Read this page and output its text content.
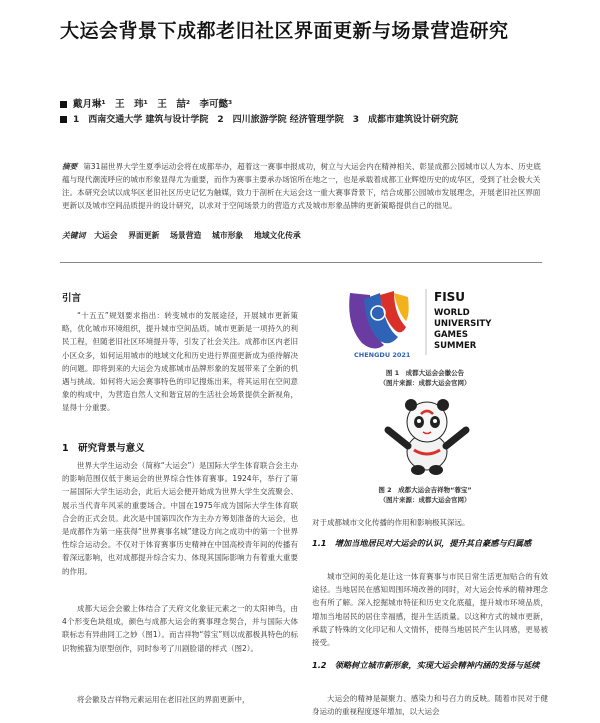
大运会背景下成都老旧社区界面更新与场景营造研究
戴月琳¹　王　玮¹　王　喆²　李可懿³
1　西南交通大学 建筑与设计学院　2　四川旅游学院 经济管理学院　3　成都市建筑设计研究院
摘要 第31届世界大学生夏季运动会将在成都举办，超着这一赛事申报成功，树立与大运会内在精神相关、彰显成都公园城市以人为本、历史底蕴与现代潮流呼应的城市形象显得尤为重要，而作为赛事主要承办场馆所在地之一，也是承载着成都工业辉煌历史的成华区，受到了社会极大关注。本研究会试以成华区老旧社区历史记忆为触媒，致力于剖析在大运会这一重大赛事背景下，结合成都公园城市发展理念，开展老旧社区界面更新以及城市空间品质提升的设计研究，以求对于空间场景力的营造方式及城市形象品牌的更新策略提供自己的拙见。
关键词 大运会 界面更新 场景营造 城市形象 地域文化传承
引言
“十五五”规划要求指出：转变城市的发展途径，开展城市更新策略，优化城市环境组织，提升城市空间品质。城市更新是一项持久的利民工程，但随老旧社区环境提升等，引发了社会关注。成都市区内老旧小区众多，如何运用城市的地域文化和历史进行界面更新成为亟待解决的问题。即将到来的大运会为成都城市品牌形象的发展带来了全新的机遇与挑战。如何将大运会赛事特色的印记搜炼出来，将其运用在空间意象的构成中，为营造自然人文和谐宜居的生活社会场景提供全新视角，显得十分重要。
1　研究背景与意义
世界大学生运动会（简称“大运会”）是国际大学生体育联合会主办的影响范围仅低于奥运会的世界综合性体育赛事。1924年，举行了第一届国际大学生运动会，此后大运会便开始成为世界大学生交流聚会、展示当代青年风采的重要场合。中国在1975年成为国际大学生体育联合会的正式会员。此次是中国第四次作为主办方筹划准备的大运会，也是成都作为第一座获得“世界赛事名城”建设方向之成功中的第一个世界性综合运动会。不仅对于体育赛事历史精神在中国高校青年间的传播有着深远影响，也对成都提升综合实力、体现其国际影响力有着重大重要的作用。
成都大运会会徽上体结合了天府文化象征元素之一的太阳神鸟，由4个形变色块组成，颜色与成都大运会的赛事理念契合，并与国际大体联标志有异曲同工之妙（图1）。而吉祥物“蓉宝”则以成都极具特色的标识物熊猫为原型创作，同时参考了川剧脸谱的样式（图2）。
将会徽及吉祥物元素运用在老旧社区的界面更新中，
CHENGDU 2021
FISU
WORLD
UNIVERSITY
GAMES
SUMMER
图 1　成都大运会会徽公告
（图片来源：成都大运会官网）
图 2　成都大运会吉祥物“蓉宝”
（图片来源：成都大运会官网）
对于成都城市文化传播的作用和影响极其深远。
1.1　增加当地居民对大运会的认识，提升其自豪感与归属感
城市空间的美化是让这一体育赛事与市民日常生活更加贴合的有效途径。当地居民在感知周围环境改善的同时，对大运会传承的精神理念也有所了解。深入挖掘城市特征和历史文化底蕴，提升城市环境品质，增加当地居民的居住幸福感，提升生活质量。以这种方式的城市更新，承载了特殊的文化印记和人文情怀，使得当地居民产生认同感，更易被接受。
1.2　领略树立城市新形象，实现大运会精神内涵的发扬与延续
大运会的精神是凝聚力、感染力和号召力的反映。随着市民对于健身运动的重视程度逐年增加，以大运会
